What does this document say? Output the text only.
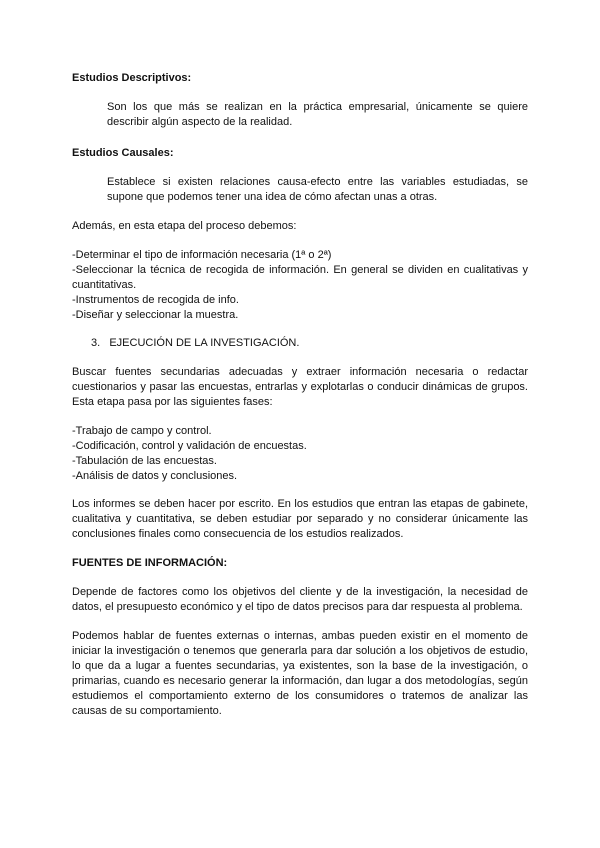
Estudios Descriptivos:

Son los que más se realizan en la práctica empresarial, únicamente se quiere describir algún aspecto de la realidad.

Estudios Causales:

Establece si existen relaciones causa-efecto entre las variables estudiadas, se supone que podemos tener una idea de cómo afectan unas a otras.

Además, en esta etapa del proceso debemos:

-Determinar el tipo de información necesaria (1ª o 2ª)
-Seleccionar la técnica de recogida de información. En general se dividen en cualitativas y cuantitativas.
-Instrumentos de recogida de info.
-Diseñar y seleccionar la muestra.

3.   EJECUCIÓN DE LA INVESTIGACIÓN.

Buscar fuentes secundarias adecuadas y extraer información necesaria o redactar cuestionarios y pasar las encuestas, entrarlas y explotarlas o conducir dinámicas de grupos. Esta etapa pasa por las siguientes fases:

-Trabajo de campo y control.
-Codificación, control y validación de encuestas.
-Tabulación de las encuestas.
-Análisis de datos y conclusiones.

Los informes se deben hacer por escrito. En los estudios que entran las etapas de gabinete, cualitativa y cuantitativa, se deben estudiar por separado y no considerar únicamente las conclusiones finales como consecuencia de los estudios realizados.

FUENTES DE INFORMACIÓN:

Depende de factores como los objetivos del cliente y de la investigación, la necesidad de datos, el presupuesto económico y el tipo de datos precisos para dar respuesta al problema.

Podemos hablar de fuentes externas o internas, ambas pueden existir en el momento de iniciar la investigación o tenemos que generarla para dar solución a los objetivos de estudio, lo que da a lugar a fuentes secundarias, ya existentes, son la base de la investigación, o primarias, cuando es necesario generar la información, dan lugar a dos metodologías, según estudiemos el comportamiento externo de los consumidores o tratemos de analizar las causas de su comportamiento.
